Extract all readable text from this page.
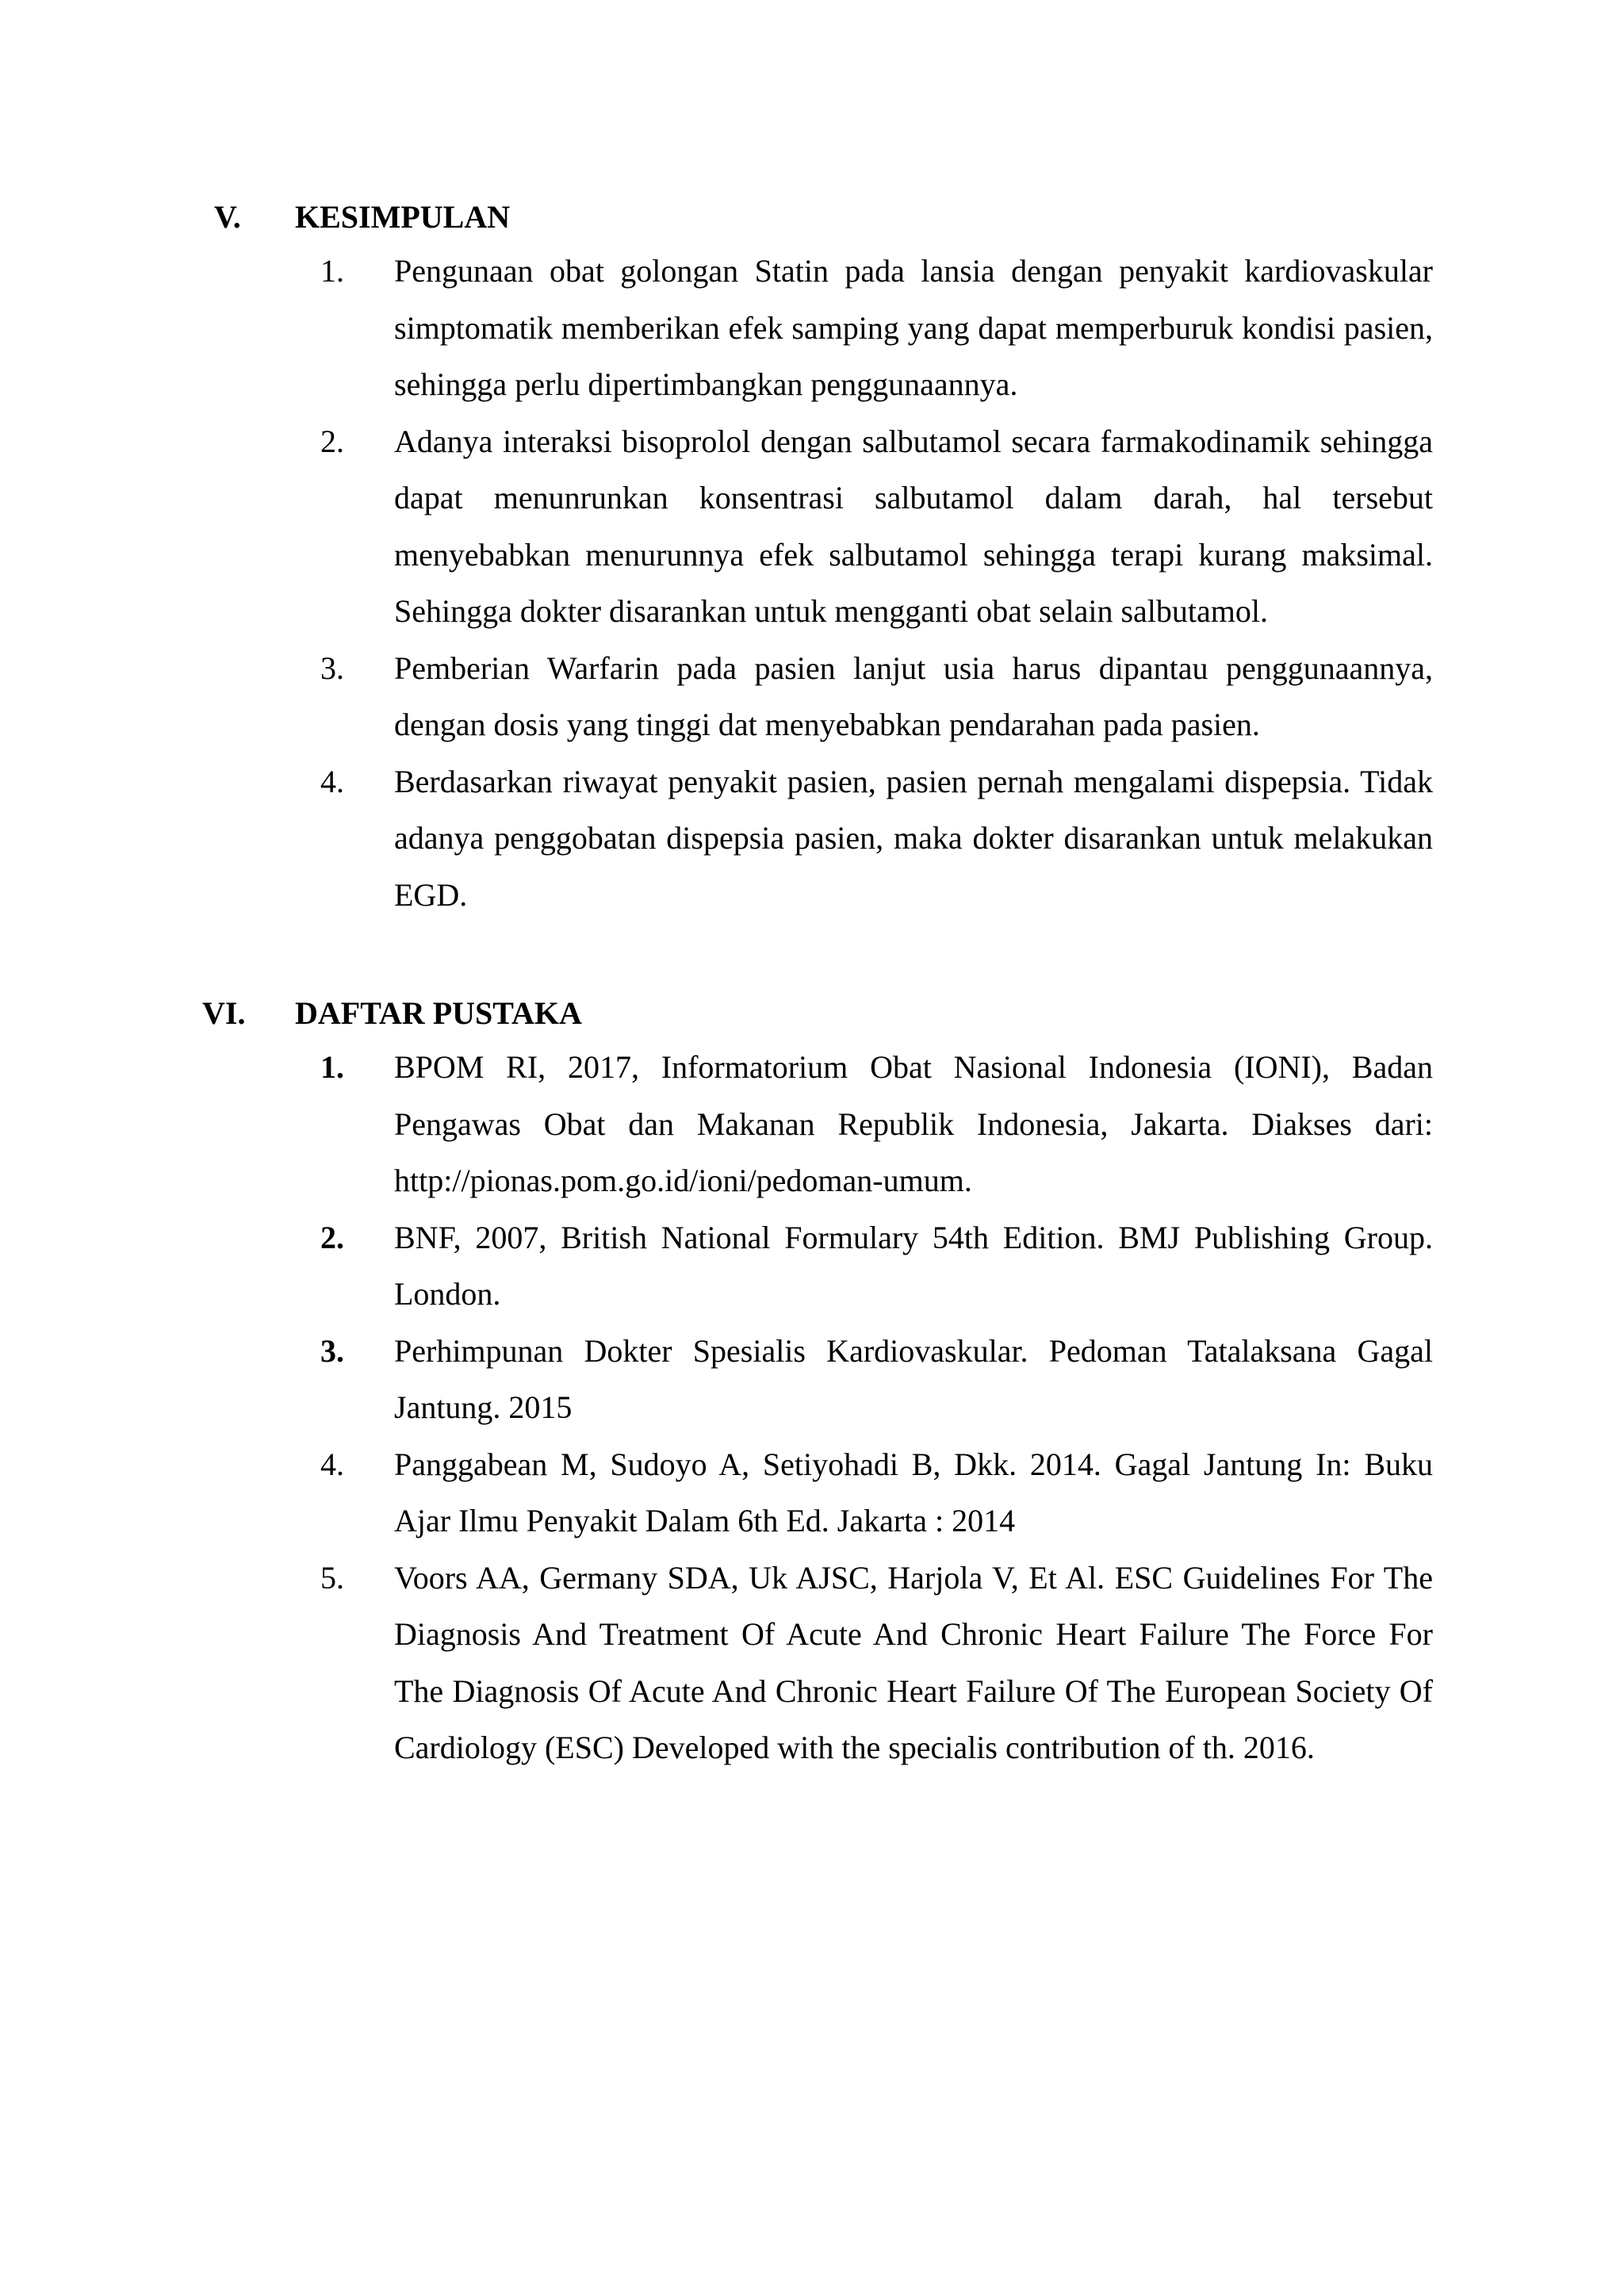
V. KESIMPULAN
1. Pengunaan obat golongan Statin pada lansia dengan penyakit kardiovaskular simptomatik memberikan efek samping yang dapat memperburuk kondisi pasien, sehingga perlu dipertimbangkan penggunaannya.
2. Adanya interaksi bisoprolol dengan salbutamol secara farmakodinamik sehingga dapat menunrunkan konsentrasi salbutamol dalam darah, hal tersebut menyebabkan menurunnya efek salbutamol sehingga terapi kurang maksimal. Sehingga dokter disarankan untuk mengganti obat selain salbutamol.
3. Pemberian Warfarin pada pasien lanjut usia harus dipantau penggunaannya, dengan dosis yang tinggi dat menyebabkan pendarahan pada pasien.
4. Berdasarkan riwayat penyakit pasien, pasien pernah mengalami dispepsia. Tidak adanya penggobatan dispepsia pasien, maka dokter disarankan untuk melakukan EGD.
VI. DAFTAR PUSTAKA
1. BPOM RI, 2017, Informatorium Obat Nasional Indonesia (IONI), Badan Pengawas Obat dan Makanan Republik Indonesia, Jakarta. Diakses dari: http://pionas.pom.go.id/ioni/pedoman-umum.
2. BNF, 2007, British National Formulary 54th Edition. BMJ Publishing Group. London.
3. Perhimpunan Dokter Spesialis Kardiovaskular. Pedoman Tatalaksana Gagal Jantung. 2015
4. Panggabean M, Sudoyo A, Setiyohadi B, Dkk. 2014. Gagal Jantung In: Buku Ajar Ilmu Penyakit Dalam 6th Ed. Jakarta : 2014
5. Voors AA, Germany SDA, Uk AJSC, Harjola V, Et Al. ESC Guidelines For The Diagnosis And Treatment Of Acute And Chronic Heart Failure The Force For The Diagnosis Of Acute And Chronic Heart Failure Of The European Society Of Cardiology (ESC) Developed with the specialis contribution of th. 2016.
